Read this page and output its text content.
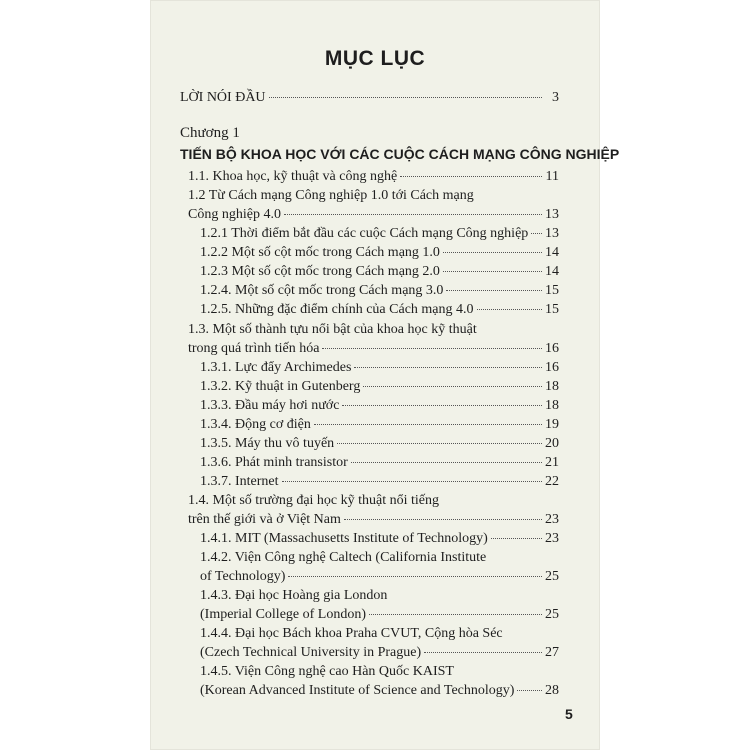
MỤC LỤC
LỜI NÓI ĐẦU	3
Chương 1
TIẾN BỘ KHOA HỌC VỚI CÁC CUỘC CÁCH MẠNG CÔNG NGHIỆP
1.1. Khoa học, kỹ thuật và công nghệ	11
1.2 Từ Cách mạng Công nghiệp 1.0 tới Cách mạng
Công nghiệp 4.0	13
1.2.1 Thời điểm bắt đầu các cuộc Cách mạng Công nghiệp 13
1.2.2 Một số cột mốc trong Cách mạng 1.0	14
1.2.3 Một số cột mốc trong Cách mạng 2.0	14
1.2.4. Một số cột mốc trong Cách mạng 3.0	15
1.2.5. Những đặc điểm chính của Cách mạng 4.0	15
1.3. Một số thành tựu nổi bật của khoa học kỹ thuật
trong quá trình tiến hóa	16
1.3.1. Lực đẩy Archimedes	16
1.3.2. Kỹ thuật in Gutenberg	18
1.3.3. Đầu máy hơi nước	18
1.3.4. Động cơ điện	19
1.3.5. Máy thu vô tuyến	20
1.3.6. Phát minh transistor	21
1.3.7. Internet	22
1.4. Một số trường đại học kỹ thuật nổi tiếng
trên thế giới và ở Việt Nam	23
1.4.1. MIT (Massachusetts Institute of Technology)	23
1.4.2. Viện Công nghệ Caltech (California Institute
of Technology)	25
1.4.3. Đại học Hoàng gia London
(Imperial College of London)	25
1.4.4. Đại học Bách khoa Praha CVUT, Cộng hòa Séc
(Czech Technical University in Prague)	27
1.4.5. Viện Công nghệ cao Hàn Quốc KAIST
(Korean Advanced Institute of Science and Technology) 28
5
